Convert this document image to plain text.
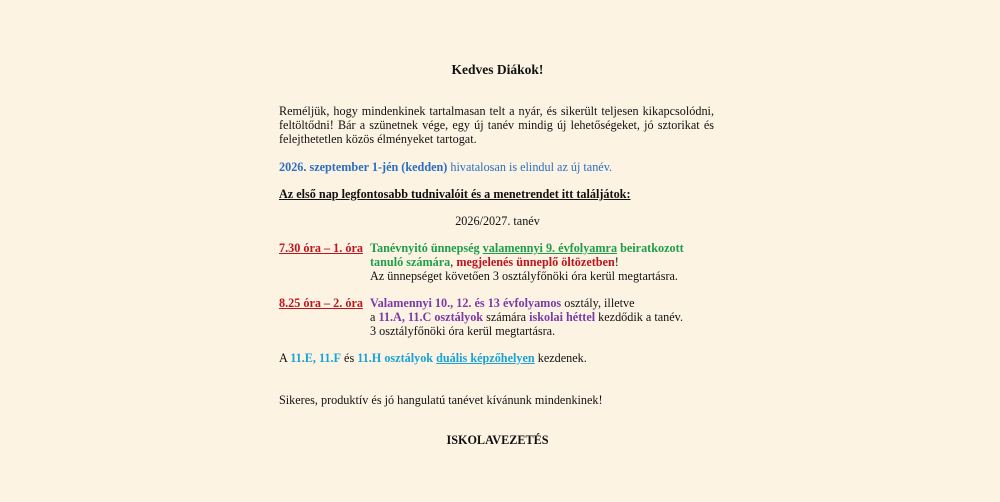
Kedves Diákok!
Reméljük, hogy mindenkinek tartalmasan telt a nyár, és sikerült teljesen kikapcsolódni, feltöltődni! Bár a szünetnek vége, egy új tanév mindig új lehetőségeket, jó sztorikat és felejthetetlen közös élményeket tartogat.
2026. szeptember 1-jén (kedden) hivatalosan is elindul az új tanév.
Az első nap legfontosabb tudnivalóit és a menetrendet itt találjátok:
2026/2027. tanév
7.30 óra – 1. óra Tanévnyitó ünnepség valamennyi 9. évfolyamra beiratkozott tanuló számára, megjelenés ünneplő öltözetben!
Az ünnepséget követően 3 osztályfőnöki óra kerül megtartásra.
8.25 óra – 2. óra Valamennyi 10., 12. és 13 évfolyamos osztály, illetve
a 11.A, 11.C osztályok számára iskolai héttel kezdődik a tanév.
3 osztályfőnöki óra kerül megtartásra.
A 11.E, 11.F és 11.H osztályok duális képzőhelyen kezdenek.
Sikeres, produktív és jó hangulatú tanévet kívánunk mindenkinek!
ISKOLAVEZETÉS
